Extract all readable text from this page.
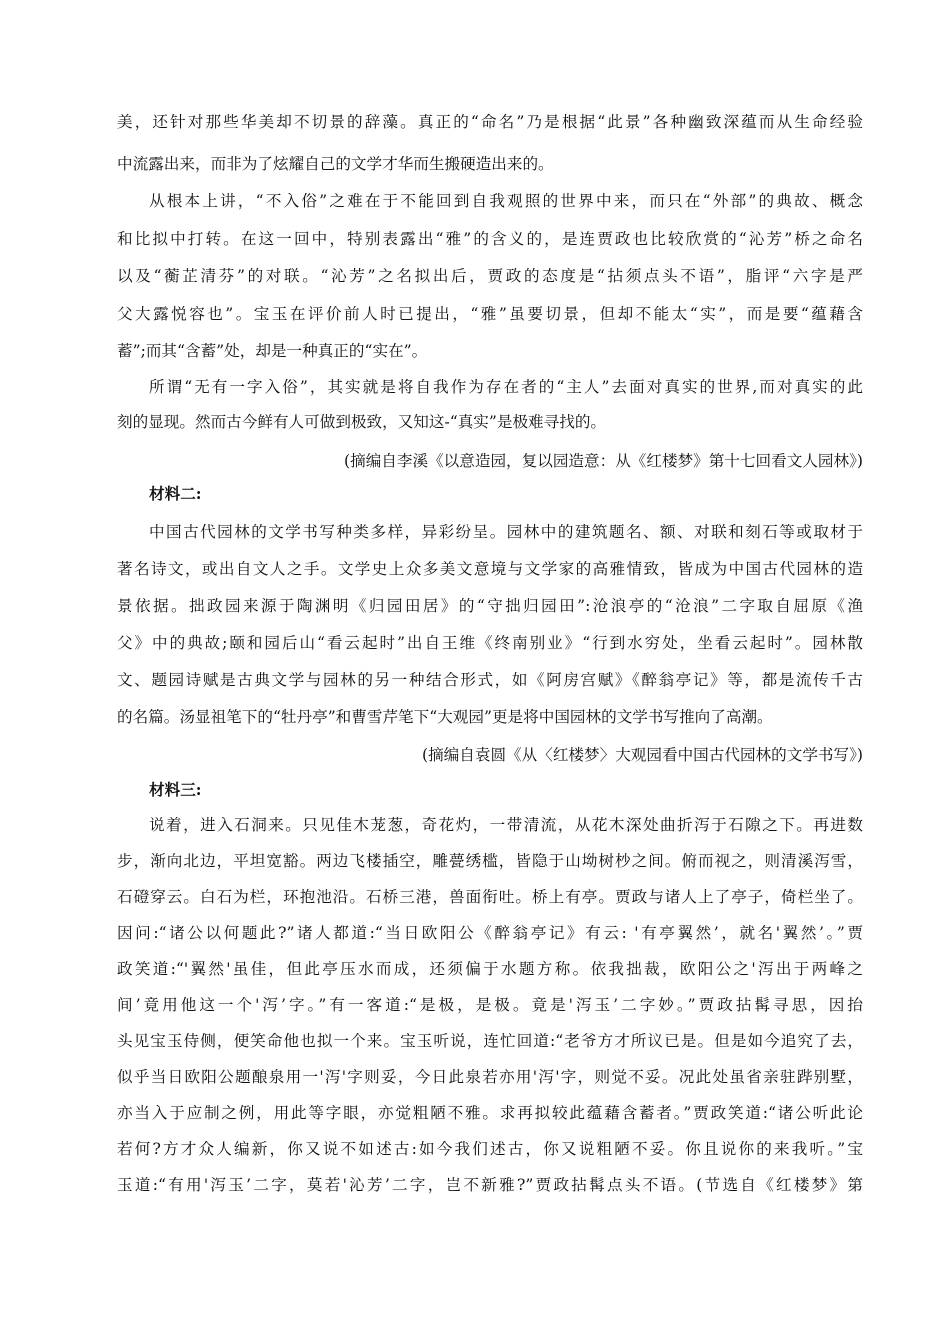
美，还针对那些华美却不切景的辞藻。真正的“命名”乃是根据“此景”各种幽致深蕴而从生命经验
中流露出来，而非为了炫耀自己的文学才华而生搬硬造出来的。
从根本上讲，“不入俗”之难在于不能回到自我观照的世界中来，而只在“外部”的典故、概念
和比拟中打转。在这一回中，特别表露出“雅”的含义的，是连贾政也比较欣赏的“沁芳”桥之命名
以及“蘅芷清芬”的对联。“沁芳”之名拟出后，贾政的态度是“拈须点头不语”，脂评“六字是严
父大露悦容也”。宝玉在评价前人时已提出，“雅”虽要切景，但却不能太“实”，而是要“蕴藉含
蓄”;而其“含蓄”处，却是一种真正的“实在”。
所谓“无有一字入俗”，其实就是将自我作为存在者的“主人”去面对真实的世界,而对真实的此
刻的显现。然而古今鲜有人可做到极致，又知这-“真实”是极难寻找的。
(摘编自李溪《以意造园，复以园造意：从《红楼梦》第十七回看文人园林》)
材料二:
中国古代园林的文学书写种类多样，异彩纷呈。园林中的建筑题名、额、对联和刻石等或取材于
著名诗文，或出自文人之手。文学史上众多美文意境与文学家的高雅情致，皆成为中国古代园林的造
景依据。拙政园来源于陶渊明《归园田居》的“守拙归园田”:沧浪亭的“沧浪”二字取自屈原《渔
父》中的典故;颐和园后山“看云起时”出自王维《终南别业》“行到水穷处，坐看云起时”。园林散
文、题园诗赋是古典文学与园林的另一种结合形式，如《阿房宫赋》《醉翁亭记》等，都是流传千古
的名篇。汤显祖笔下的“牡丹亭”和曹雪芹笔下“大观园”更是将中国园林的文学书写推向了高潮。
(摘编自袁圆《从〈红楼梦〉大观园看中国古代园林的文学书写》)
材料三:
说着，进入石洞来。只见佳木茏葱，奇花灼，一带清流，从花木深处曲折泻于石隙之下。再进数
步，渐向北边，平坦宽豁。两边飞楼插空，雕甍绣槛，皆隐于山坳树杪之间。俯而视之，则清溪泻雪，
石磴穿云。白石为栏，环抱池沿。石桥三港，兽面衔吐。桥上有亭。贾政与诸人上了亭子，倚栏坐了。
因问:“诸公以何题此?”诸人都道:“当日欧阳公《醉翁亭记》有云: '有亭翼然’，就名'翼然’。”贾
政笑道:“'翼然'虽佳，但此亭压水而成，还须偏于水题方称。依我拙裁，欧阳公之'泻出于两峰之
间’竟用他这一个'泻’字。”有一客道:“是极，是极。竟是'泻玉’二字妙。”贾政拈髯寻思，因抬
头见宝玉侍侧，便笑命他也拟一个来。宝玉听说，连忙回道:“老爷方才所议已是。但是如今追究了去，
似乎当日欧阳公题酿泉用一'泻'字则妥，今日此泉若亦用'泻'字，则觉不妥。况此处虽省亲驻跸别墅，
亦当入于应制之例，用此等字眼，亦觉粗陋不雅。求再拟较此蕴藉含蓄者。”贾政笑道:“诸公听此论
若何?方才众人编新，你又说不如述古:如今我们述古，你又说粗陋不妥。你且说你的来我听。”宝
玉道:“有用'泻玉’二字，莫若'沁芳’二字，岂不新雅?”贾政拈髯点头不语。(节选自《红楼梦》第
